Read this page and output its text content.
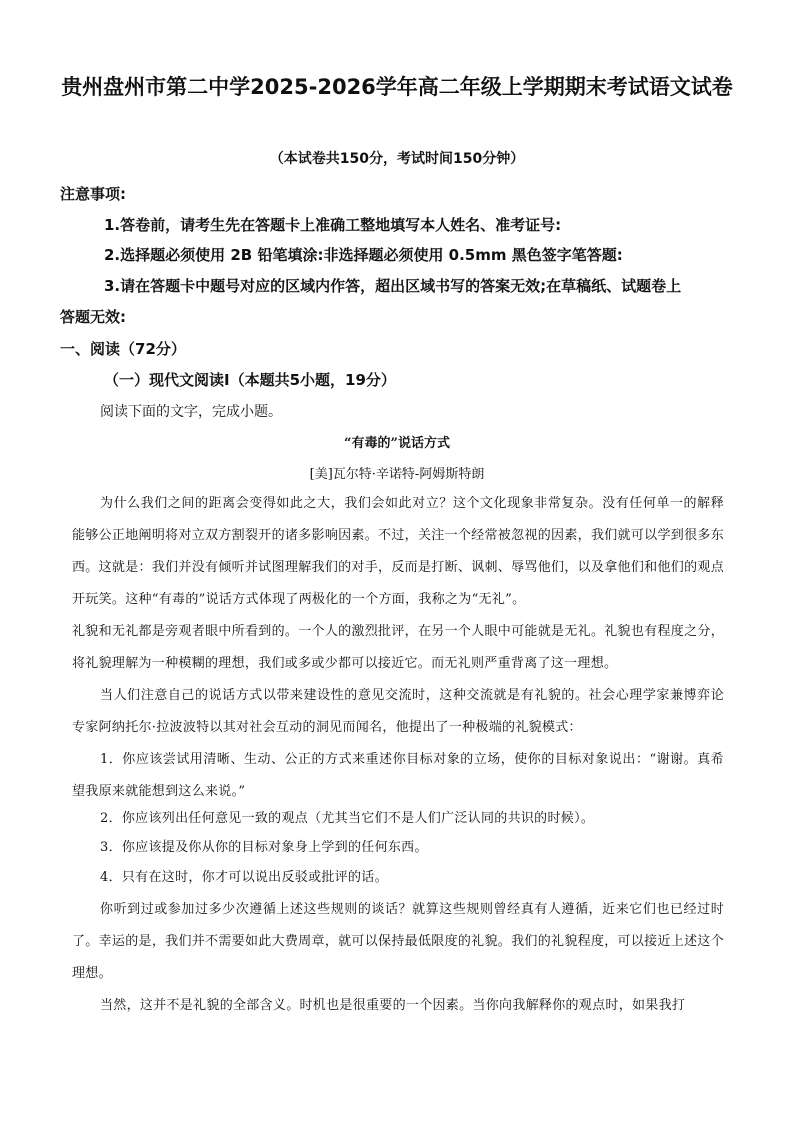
贵州盘州市第二中学2025-2026学年高二年级上学期期末考试语文试卷
（本试卷共150分，考试时间150分钟）
注意事项:
1.答卷前，请考生先在答题卡上准确工整地填写本人姓名、准考证号:
2.选择题必须使用 2B 铅笔填涂:非选择题必须使用 0.5mm 黑色签字笔答题:
3.请在答题卡中题号对应的区域内作答，超出区域书写的答案无效;在草稿纸、试题卷上
答题无效:
一、阅读（72分）
（一）现代文阅读Ⅰ（本题共5小题，19分）
阅读下面的文字，完成小题。
“有毒的”说话方式
[美]瓦尔特·辛诺特-阿姆斯特朗
为什么我们之间的距离会变得如此之大，我们会如此对立？这个文化现象非常复杂。没有任何单一的解释能够公正地阐明将对立双方割裂开的诸多影响因素。不过，关注一个经常被忽视的因素，我们就可以学到很多东西。这就是：我们并没有倾听并试图理解我们的对手，反而是打断、讽刺、辱骂他们，以及拿他们和他们的观点开玩笑。这种“有毒的”说话方式体现了两极化的一个方面，我称之为“无礼”。
礼貌和无礼都是旁观者眼中所看到的。一个人的激烈批评，在另一个人眼中可能就是无礼。礼貌也有程度之分，将礼貌理解为一种模糊的理想，我们或多或少都可以接近它。而无礼则严重背离了这一理想。
当人们注意自己的说话方式以带来建设性的意见交流时，这种交流就是有礼貌的。社会心理学家兼博弈论专家阿纳托尔·拉波波特以其对社会互动的洞见而闻名，他提出了一种极端的礼貌模式：
1．你应该尝试用清晰、生动、公正的方式来重述你目标对象的立场，使你的目标对象说出：“谢谢。真希望我原来就能想到这么来说。”
2．你应该列出任何意见一致的观点（尤其当它们不是人们广泛认同的共识的时候）。
3．你应该提及你从你的目标对象身上学到的任何东西。
4．只有在这时，你才可以说出反驳或批评的话。
你听到过或参加过多少次遵循上述这些规则的谈话？就算这些规则曾经真有人遵循，近来它们也已经过时了。幸运的是，我们并不需要如此大费周章，就可以保持最低限度的礼貌。我们的礼貌程度，可以接近上述这个理想。
当然，这并不是礼貌的全部含义。时机也是很重要的一个因素。当你向我解释你的观点时，如果我打
